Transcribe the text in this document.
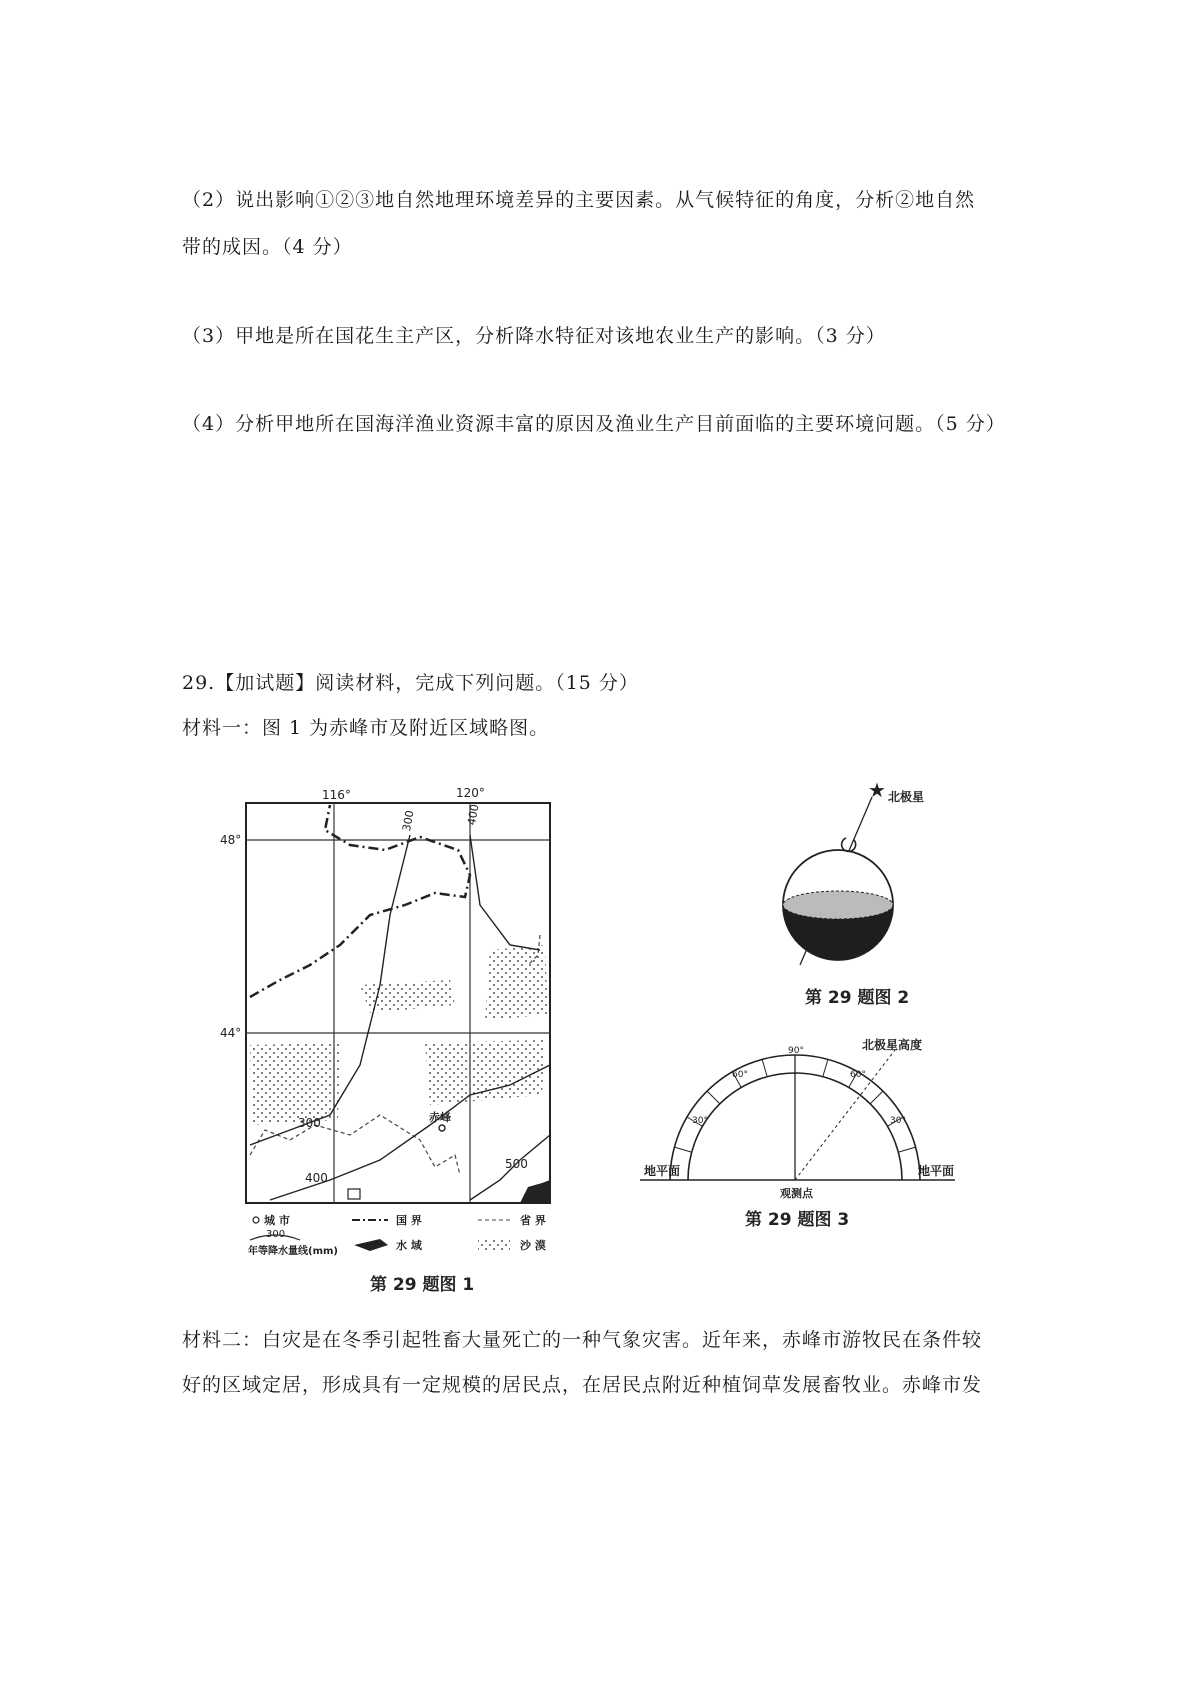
（2）说出影响①②③地自然地理环境差异的主要因素。从气候特征的角度，分析②地自然
带的成因。（4 分）
（3）甲地是所在国花生主产区，分析降水特征对该地农业生产的影响。（3 分）
（4）分析甲地所在国海洋渔业资源丰富的原因及渔业生产目前面临的主要环境问题。（5 分）
29.【加试题】阅读材料，完成下列问题。（15 分）
材料一：图 1 为赤峰市及附近区域略图。
116°	120°
48°
44°
300	400
300
400
500
赤峰
城 市	国 界	省 界
300
年等降水量线(mm)	水 域	沙 漠
第 29 题图 1
★ 北极星
第 29 题图 2
北极星高度
90°
60°	60°
30°	30°
地平面	地平面
观测点
第 29 题图 3
材料二：白灾是在冬季引起牲畜大量死亡的一种气象灾害。近年来，赤峰市游牧民在条件较
好的区域定居，形成具有一定规模的居民点，在居民点附近种植饲草发展畜牧业。赤峰市发
